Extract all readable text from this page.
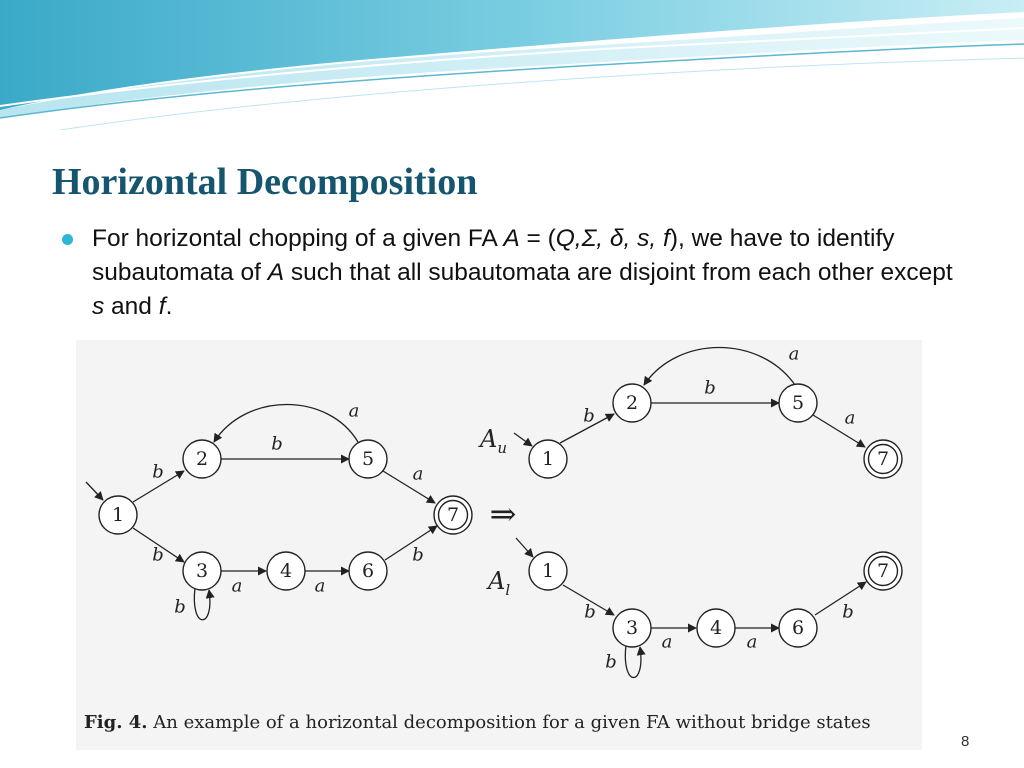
Horizontal Decomposition
For horizontal chopping of a given FA A = (Q,Σ, δ, s, f), we have to identify subautomata of A such that all subautomata are disjoint from each other except s and f.
1
2
3	4
5
6
7
1
2	5
7
1
3	4	6
7
b
b
b
a
a
a	a
b
b
b
b
a
a
b
a	a
b
b
⇒
$A_u$
$A_l$

Fig. 4. An example of a horizontal decomposition for a given FA without bridge states

8
